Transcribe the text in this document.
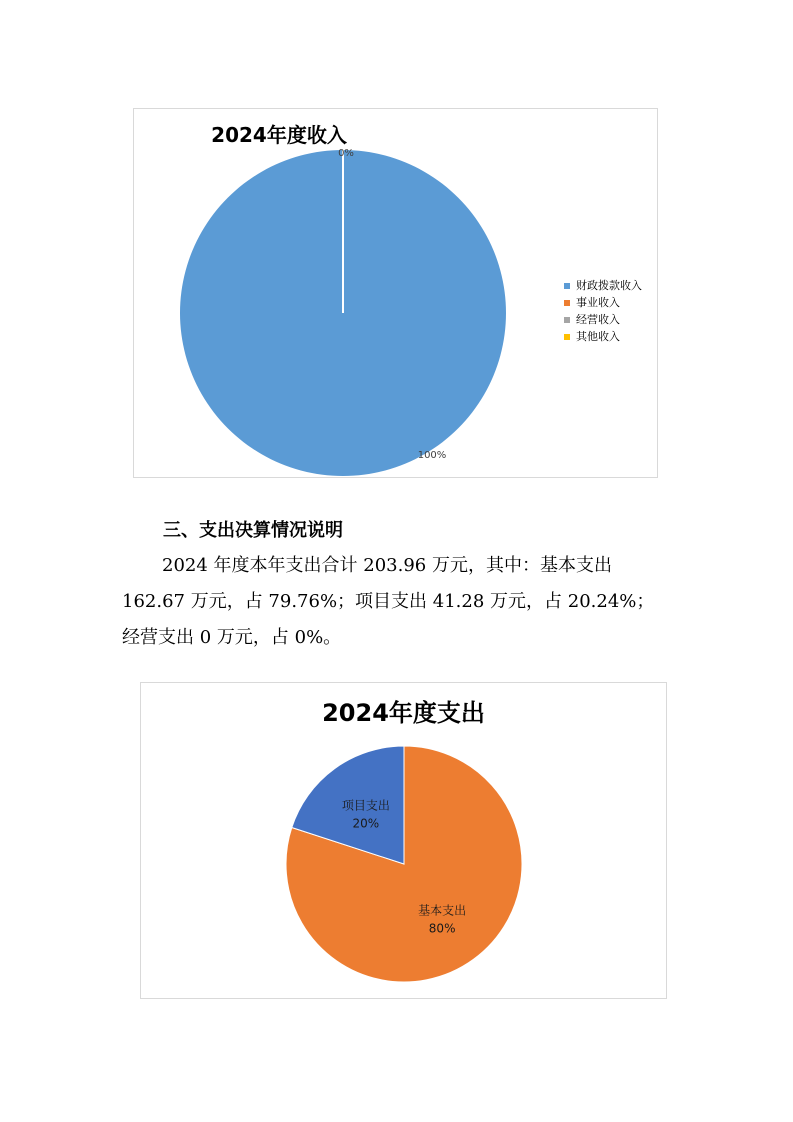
2024年度收入
0%
100%
财政拨款收入
事业收入
经营收入
其他收入
三、支出决算情况说明
2024 年度本年支出合计 203.96 万元，其中：基本支出
162.67 万元，占 79.76%；项目支出 41.28 万元，占 20.24%；
经营支出 0 万元，占 0%。
2024年度支出
基本支出
80%
项目支出
20%
